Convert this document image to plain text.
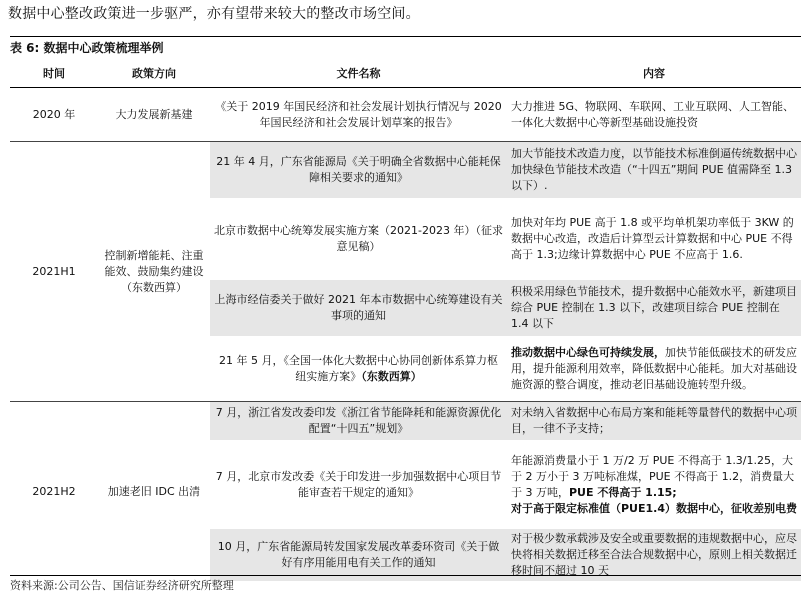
数据中心整改政策进一步驱严，亦有望带来较大的整改市场空间。
表 6: 数据中心政策梳理举例
时间	政策方向	文件名称	内容
2020 年	大力发展新基建	《关于 2019 年国民经济和社会发展计划执行情况与 2020 年国民经济和社会发展计划草案的报告》	大力推进 5G、物联网、车联网、工业互联网、人工智能、一体化大数据中心等新型基础设施投资
2021H1	控制新增能耗、注重能效、鼓励集约建设（东数西算）	21 年 4 月，广东省能源局《关于明确全省数据中心能耗保障相关要求的通知》	加大节能技术改造力度，以节能技术标准倒逼传统数据中心加快绿色节能技术改造（“十四五”期间 PUE 值需降至 1.3 以下）.
		北京市数据中心统筹发展实施方案（2021-2023 年）（征求意见稿）	加快对年均 PUE 高于 1.8 或平均单机架功率低于 3KW 的数据中心改造，改造后计算型云计算数据和中心 PUE 不得高于 1.3;边缘计算数据中心 PUE 不应高于 1.6.
		上海市经信委关于做好 2021 年本市数据中心统筹建设有关事项的通知	积极采用绿色节能技术，提升数据中心能效水平，新建项目综合 PUE 控制在 1.3 以下，改建项目综合 PUE 控制在 1.4 以下
		21 年 5 月，《全国一体化大数据中心协同创新体系算力枢纽实施方案》（东数西算）	推动数据中心绿色可持续发展，加快节能低碳技术的研发应用，提升能源利用效率，降低数据中心能耗。加大对基础设施资源的整合调度，推动老旧基础设施转型升级。
2021H2	加速老旧 IDC 出清	7 月，浙江省发改委印发《浙江省节能降耗和能源资源优化配置“十四五”规划》	对未纳入省数据中心布局方案和能耗等量替代的数据中心项目，一律不予支持；
		7 月，北京市发改委《关于印发进一步加强数据中心项目节能审查若干规定的通知》	年能源消费量小于 1 万/2 万 PUE 不得高于 1.3/1.25，大于 2 万小于 3 万吨标准煤，PUE 不得高于 1.2，消费量大于 3 万吨，PUE 不得高于 1.15;
对于高于限定标准值（PUE1.4）数据中心，征收差别电费
		10 月，广东省能源局转发国家发展改革委环资司《关于做好有序用能用电有关工作的通知	对于极少数承载涉及安全或重要数据的违规数据中心，应尽快将相关数据迁移至合法合规数据中心，原则上相关数据迁移时间不超过 10 天
资料来源:公司公告、国信证券经济研究所整理
